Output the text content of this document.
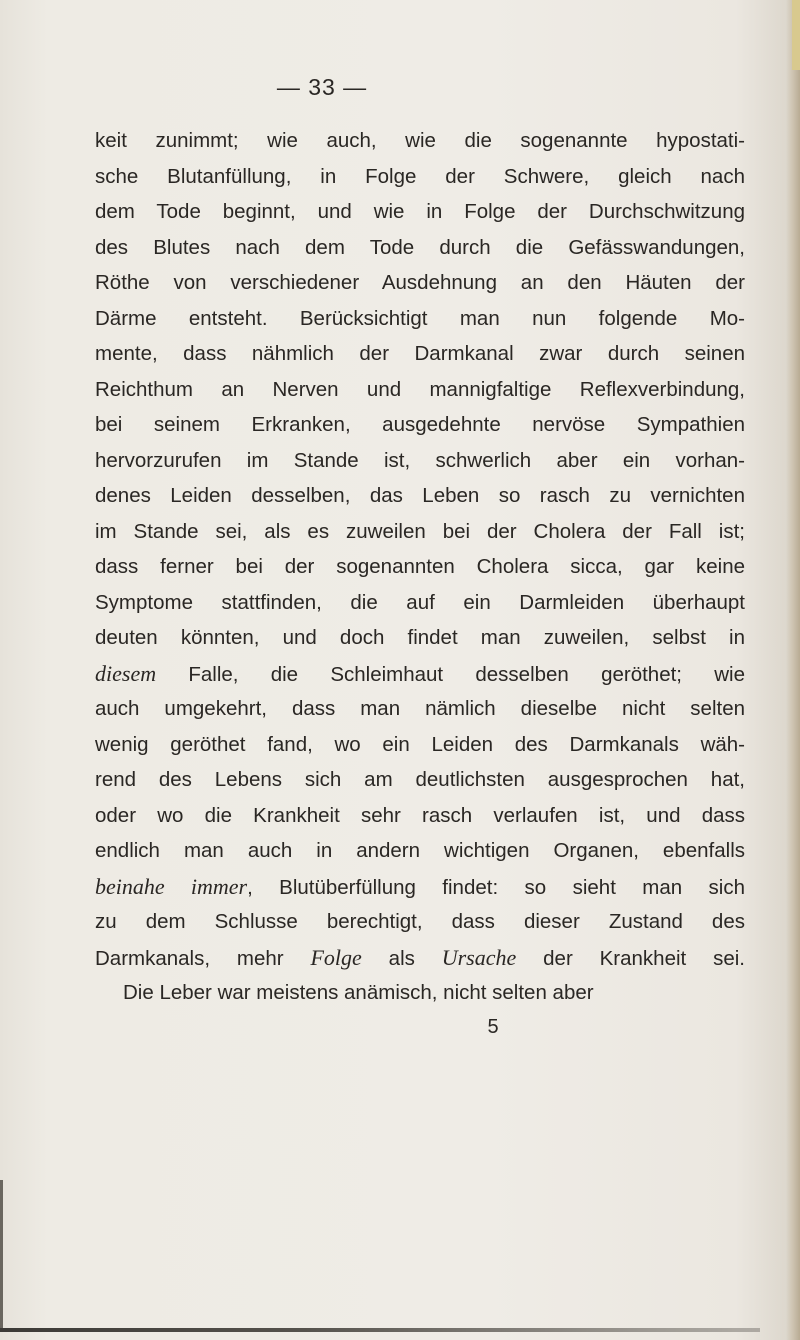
— 33 —
keit zunimmt; wie auch, wie die sogenannte hypostati-
sche Blutanfüllung, in Folge der Schwere, gleich nach
dem Tode beginnt, und wie in Folge der Durchschwitzung
des Blutes nach dem Tode durch die Gefässwandungen,
Röthe von verschiedener Ausdehnung an den Häuten der
Därme entsteht. Berücksichtigt man nun folgende Mo-
mente, dass nähmlich der Darmkanal zwar durch seinen
Reichthum an Nerven und mannigfaltige Reflexverbindung,
bei seinem Erkranken, ausgedehnte nervöse Sympathien
hervorzurufen im Stande ist, schwerlich aber ein vorhan-
denes Leiden desselben, das Leben so rasch zu vernichten
im Stande sei, als es zuweilen bei der Cholera der Fall ist;
dass ferner bei der sogenannten Cholera sicca, gar keine
Symptome stattfinden, die auf ein Darmleiden überhaupt
deuten könnten, und doch findet man zuweilen, selbst in
diesem Falle, die Schleimhaut desselben geröthet; wie
auch umgekehrt, dass man nämlich dieselbe nicht selten
wenig geröthet fand, wo ein Leiden des Darmkanals wäh-
rend des Lebens sich am deutlichsten ausgesprochen hat,
oder wo die Krankheit sehr rasch verlaufen ist, und dass
endlich man auch in andern wichtigen Organen, ebenfalls
beinahe immer, Blutüberfüllung findet: so sieht man sich
zu dem Schlusse berechtigt, dass dieser Zustand des
Darmkanals, mehr Folge als Ursache der Krankheit sei.
Die Leber war meistens anämisch, nicht selten aber
5
